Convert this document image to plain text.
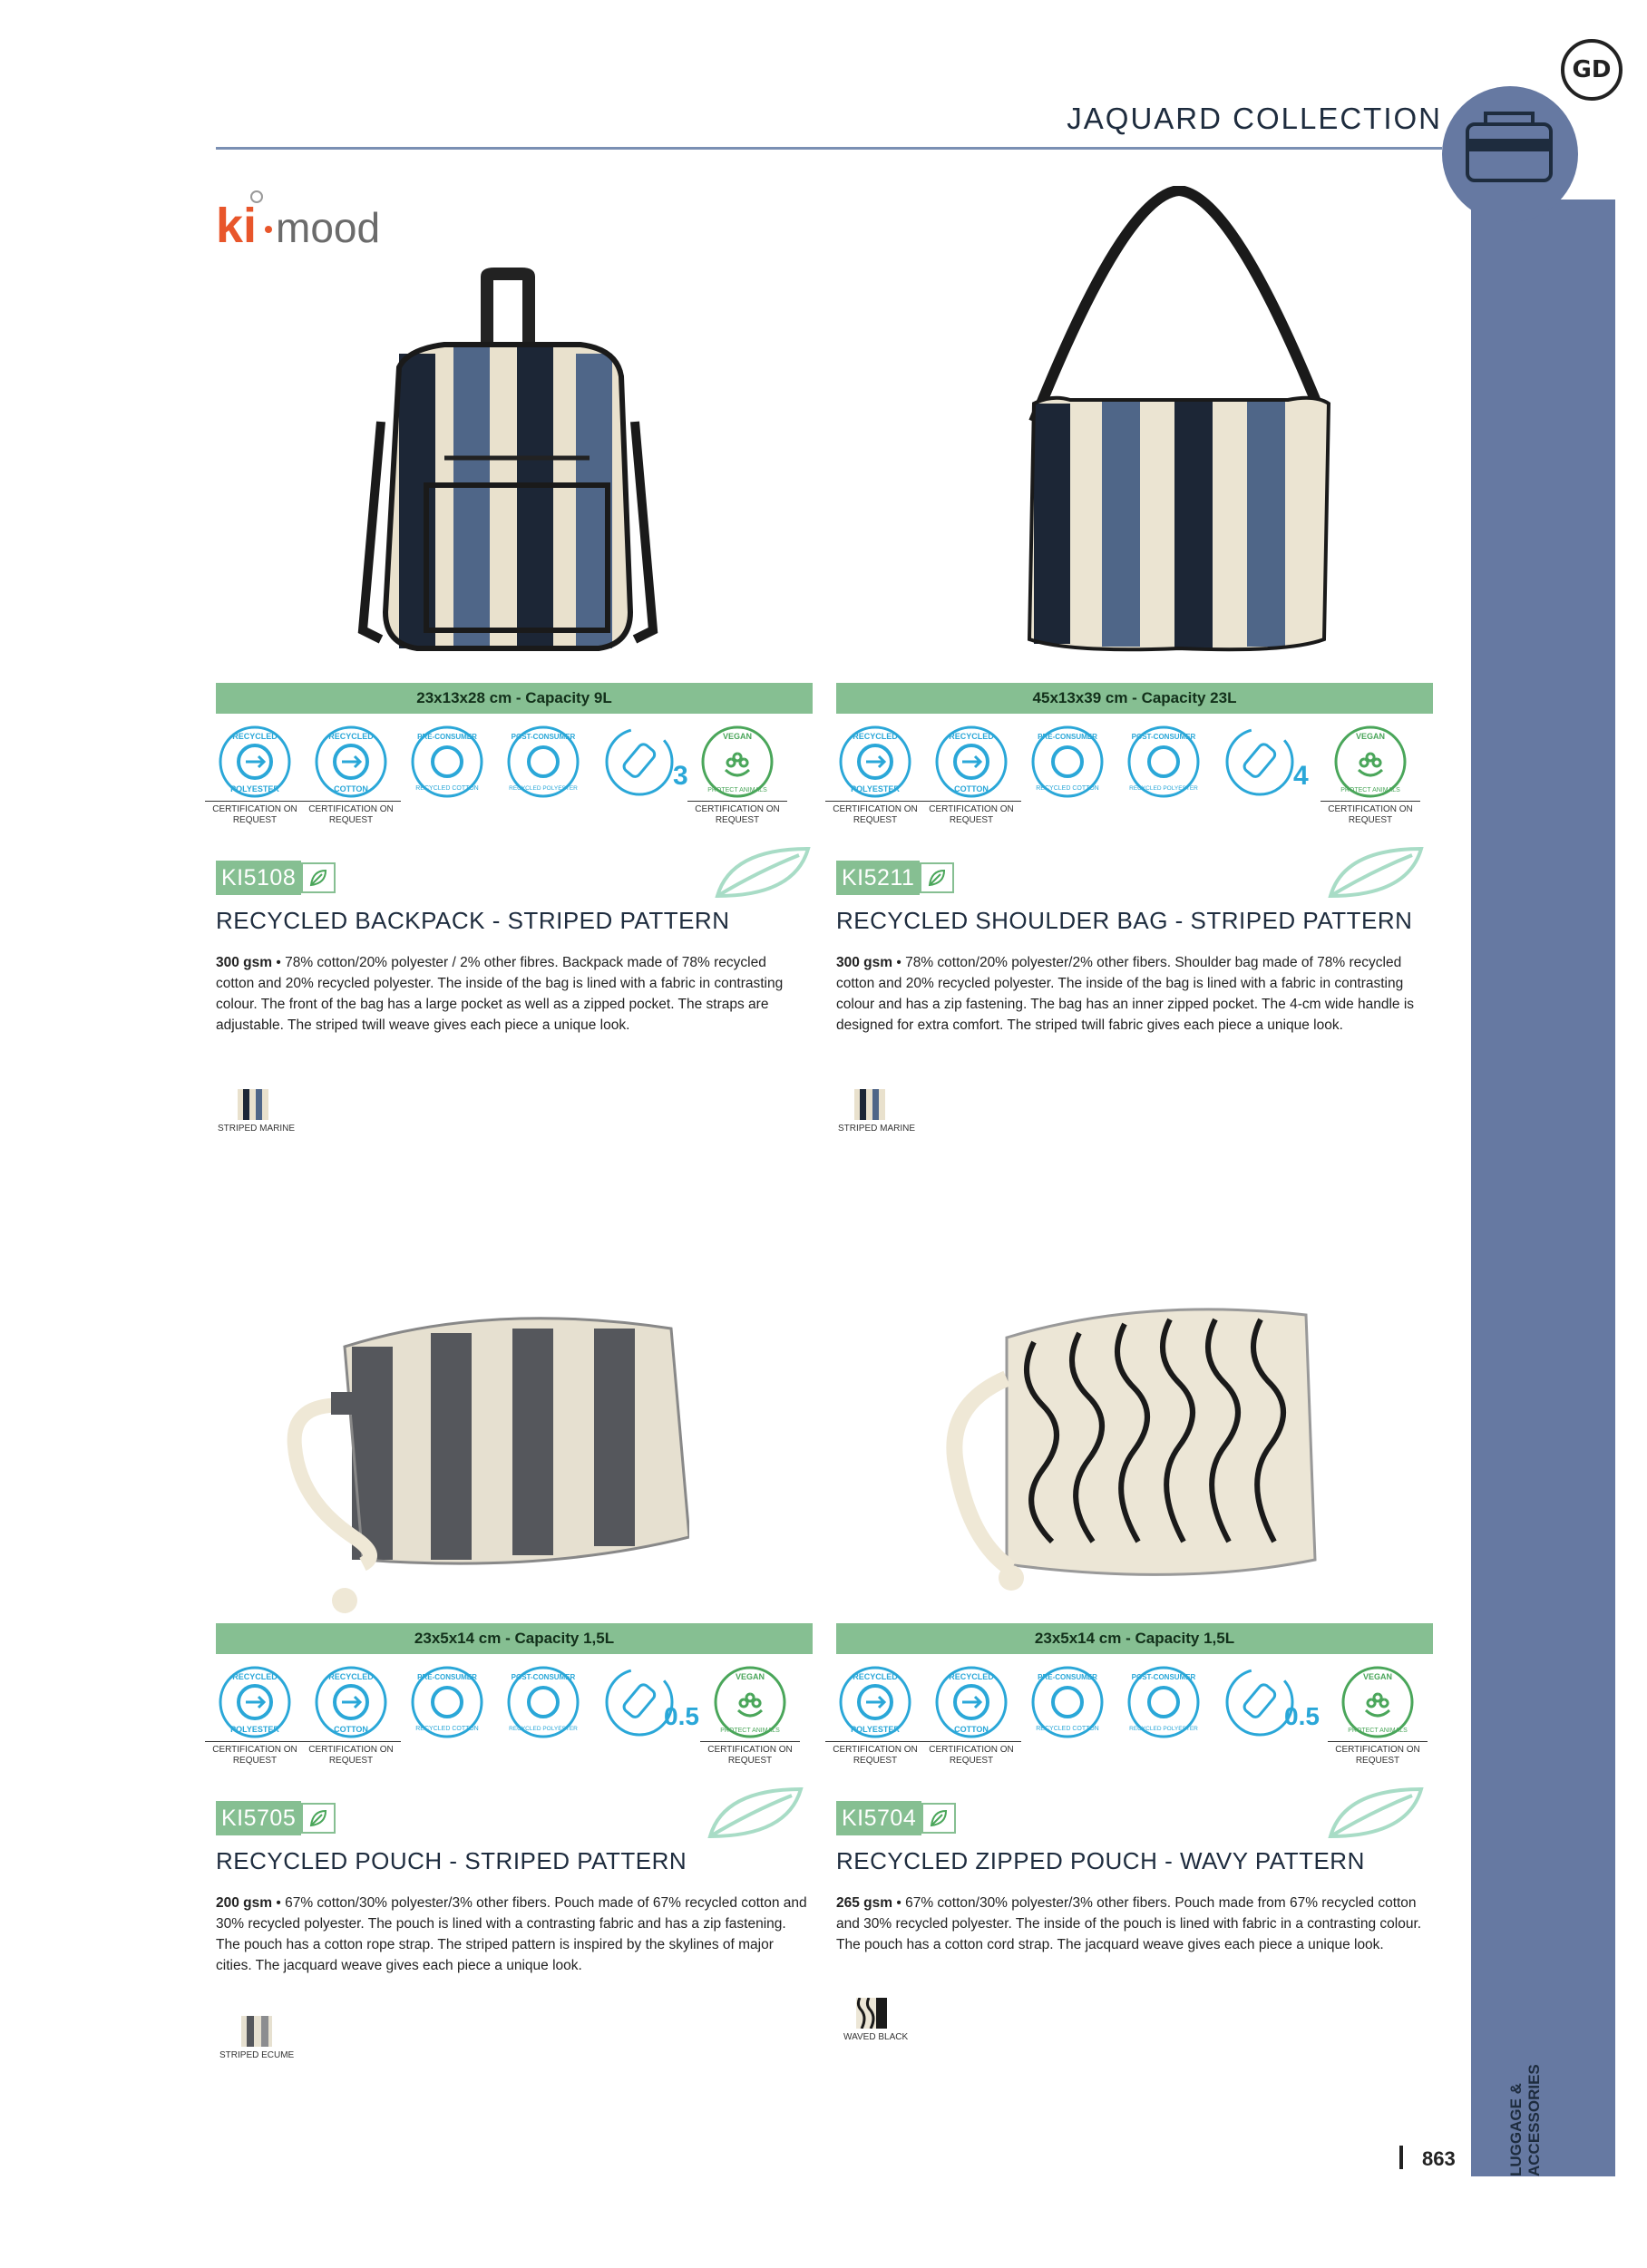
GD
JAQUARD COLLECTION
LUGGAGE & ACCESSORIES
863
ki mood
23x13x28 cm - Capacity 9L
RECYCLED
POLYESTER
RECYCLED
COTTON
PRÉ-CONSUMER
RECYCLED COTTON
POST-CONSUMER
RECYCLED POLYESTER	3
VEGAN
PROTECT ANIMALS
CERTIFICATION ON REQUEST
CERTIFICATION ON REQUEST
CERTIFICATION ON REQUEST
KI5108
RECYCLED BACKPACK - STRIPED PATTERN
300 gsm • 78% cotton/20% polyester / 2% other fibres. Backpack made of 78% recycled cotton and 20% recycled polyester. The inside of the bag is lined with a fabric in contrasting colour. The front of the bag has a large pocket as well as a zipped pocket. The straps are adjustable. The striped twill weave gives each piece a unique look.
STRIPED MARINE
45x13x39 cm - Capacity 23L
RECYCLED
POLYESTER
RECYCLED
COTTON
PRÉ-CONSUMER
RECYCLED COTTON
POST-CONSUMER
RECYCLED POLYESTER	4
VEGAN
PROTECT ANIMALS
CERTIFICATION ON REQUEST
CERTIFICATION ON REQUEST
CERTIFICATION ON REQUEST
KI5211
RECYCLED SHOULDER BAG - STRIPED PATTERN
300 gsm • 78% cotton/20% polyester/2% other fibers. Shoulder bag made of 78% recycled cotton and 20% recycled polyester. The inside of the bag is lined with a fabric in contrasting colour and has a zip fastening. The bag has an inner zipped pocket. The 4-cm wide handle is designed for extra comfort. The striped twill fabric gives each piece a unique look.
STRIPED MARINE
23x5x14 cm - Capacity 1,5L
RECYCLED
POLYESTER
RECYCLED
COTTON
PRÉ-CONSUMER
RECYCLED COTTON
POST-CONSUMER
RECYCLED POLYESTER	0.5
VEGAN
PROTECT ANIMALS
CERTIFICATION ON REQUEST
CERTIFICATION ON REQUEST
CERTIFICATION ON REQUEST
KI5705
RECYCLED POUCH - STRIPED PATTERN
200 gsm • 67% cotton/30% polyester/3% other fibers. Pouch made of 67% recycled cotton and 30% recycled polyester. The pouch is lined with a contrasting fabric and has a zip fastening. The pouch has a cotton rope strap. The striped pattern is inspired by the skylines of major cities. The jacquard weave gives each piece a unique look.
STRIPED ECUME
23x5x14 cm - Capacity 1,5L
RECYCLED
POLYESTER
RECYCLED
COTTON
PRÉ-CONSUMER
RECYCLED COTTON
POST-CONSUMER
RECYCLED POLYESTER	0.5
VEGAN
PROTECT ANIMALS
CERTIFICATION ON REQUEST
CERTIFICATION ON REQUEST
CERTIFICATION ON REQUEST
KI5704
RECYCLED ZIPPED POUCH - WAVY PATTERN
265 gsm • 67% cotton/30% polyester/3% other fibers. Pouch made from 67% recycled cotton and 30% recycled polyester. The inside of the pouch is lined with fabric in a contrasting colour. The pouch has a cotton cord strap. The jacquard weave gives each piece a unique look.
WAVED BLACK
